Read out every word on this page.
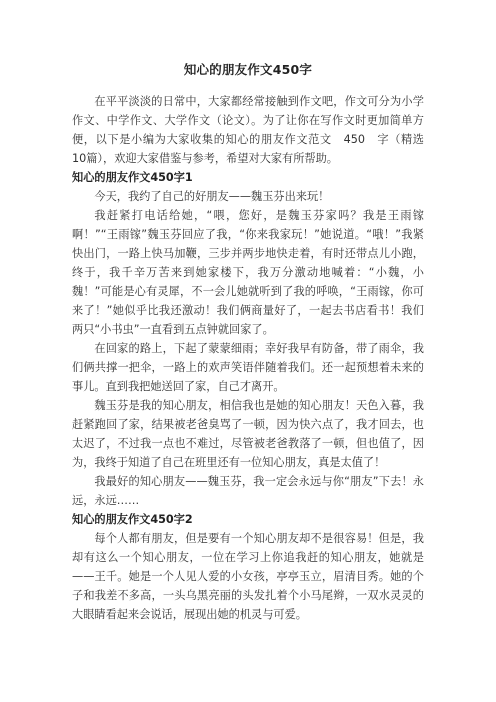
知心的朋友作文450字

在平平淡淡的日常中，大家都经常接触到作文吧，作文可分为小学作文、中学作文、大学作文（论文）。为了让你在写作文时更加简单方便，以下是小编为大家收集的知心的朋友作文范文　450　字（精选　10篇），欢迎大家借鉴与参考，希望对大家有所帮助。

知心的朋友作文450字1

今天，我约了自己的好朋友——魏玉芬出来玩！

我赶紧打电话给她，“喂，您好，是魏玉芬家吗？我是王雨镓啊！”“王雨镓”魏玉芬回应了我，“你来我家玩！”她说道。“哦！”我紧快出门，一路上快马加鞭，三步并两步地快走着，有时还带点儿小跑，终于，我千辛万苦来到她家楼下，我万分激动地喊着：“小魏，小魏！”可能是心有灵犀，不一会儿她就听到了我的呼唤，“王雨镓，你可来了！”她似乎比我还激动！我们俩商量好了，一起去书店看书！我们两只“小书虫”一直看到五点钟就回家了。

在回家的路上，下起了蒙蒙细雨；幸好我早有防备，带了雨伞，我们俩共撑一把伞，一路上的欢声笑语伴随着我们。还一起预想着未来的事儿。直到我把她送回了家，自己才离开。

魏玉芬是我的知心朋友，相信我也是她的知心朋友！天色入暮，我赶紧跑回了家，结果被老爸臭骂了一顿，因为快六点了，我才回去，也太迟了，不过我一点也不难过，尽管被老爸教落了一顿，但也值了，因为，我终于知道了自己在班里还有一位知心朋友，真是太值了！

我最好的知心朋友——魏玉芬，我一定会永远与你“朋友”下去！永远，永远……

知心的朋友作文450字2

每个人都有朋友，但是要有一个知心朋友却不是很容易！但是，我却有这么一个知心朋友，一位在学习上你追我赶的知心朋友，她就是——王千。她是一个人见人爱的小女孩，亭亭玉立，眉清目秀。她的个子和我差不多高，一头乌黑亮丽的头发扎着个小马尾辫，一双水灵灵的大眼睛看起来会说话，展现出她的机灵与可爱。
